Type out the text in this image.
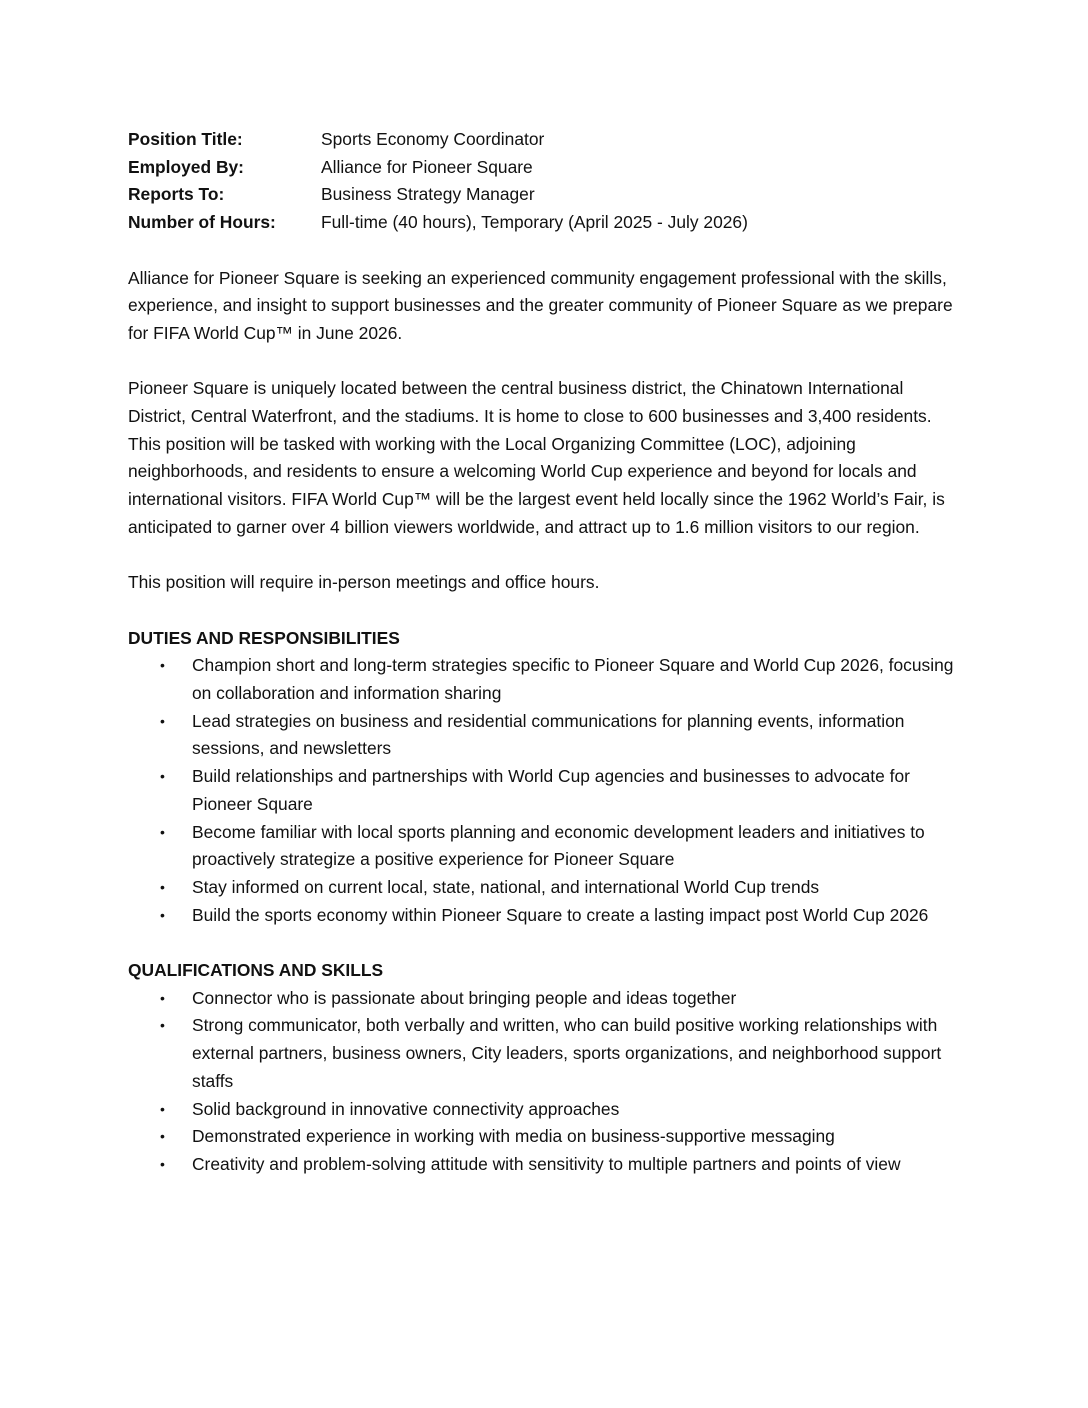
Position Title:	Sports Economy Coordinator
Employed By:	Alliance for Pioneer Square
Reports To:	Business Strategy Manager
Number of Hours:	Full-time (40 hours), Temporary (April 2025 - July 2026)

Alliance for Pioneer Square is seeking an experienced community engagement professional with the skills, experience, and insight to support businesses and the greater community of Pioneer Square as we prepare for FIFA World Cup™ in June 2026.

Pioneer Square is uniquely located between the central business district, the Chinatown International District, Central Waterfront, and the stadiums. It is home to close to 600 businesses and 3,400 residents. This position will be tasked with working with the Local Organizing Committee (LOC), adjoining neighborhoods, and residents to ensure a welcoming World Cup experience and beyond for locals and international visitors. FIFA World Cup™ will be the largest event held locally since the 1962 World’s Fair, is anticipated to garner over 4 billion viewers worldwide, and attract up to 1.6 million visitors to our region.

This position will require in-person meetings and office hours.

DUTIES AND RESPONSIBILITIES
• Champion short and long-term strategies specific to Pioneer Square and World Cup 2026, focusing on collaboration and information sharing
• Lead strategies on business and residential communications for planning events, information sessions, and newsletters
• Build relationships and partnerships with World Cup agencies and businesses to advocate for Pioneer Square
• Become familiar with local sports planning and economic development leaders and initiatives to proactively strategize a positive experience for Pioneer Square
• Stay informed on current local, state, national, and international World Cup trends
• Build the sports economy within Pioneer Square to create a lasting impact post World Cup 2026
QUALIFICATIONS AND SKILLS
• Connector who is passionate about bringing people and ideas together
• Strong communicator, both verbally and written, who can build positive working relationships with external partners, business owners, City leaders, sports organizations, and neighborhood support staffs
• Solid background in innovative connectivity approaches
• Demonstrated experience in working with media on business-supportive messaging
• Creativity and problem-solving attitude with sensitivity to multiple partners and points of view
